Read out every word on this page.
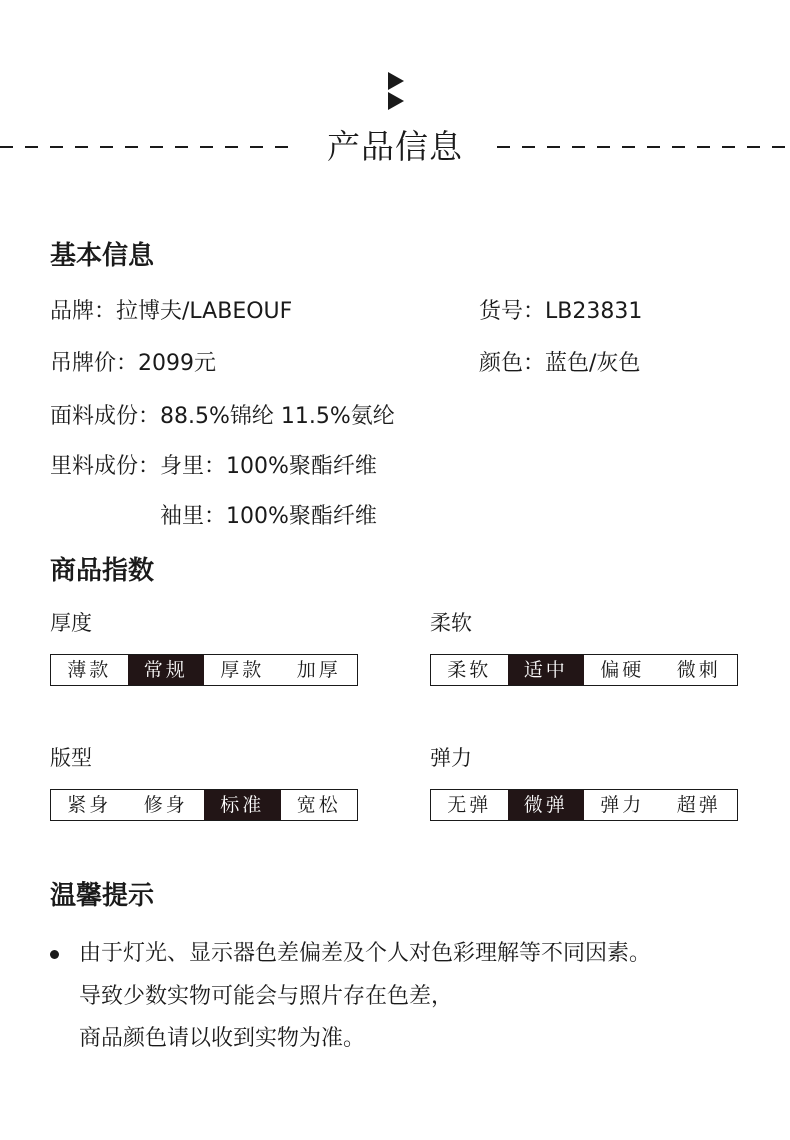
产品信息
基本信息
品牌：拉博夫/LABEOUF	货号：LB23831
吊牌价：2099元	颜色：蓝色/灰色
面料成份：88.5%锦纶 11.5%氨纶
里料成份：身里：100%聚酯纤维
袖里：100%聚酯纤维
商品指数
厚度
薄款	常规	厚款	加厚
柔软
柔软	适中	偏硬	微刺
版型
紧身	修身	标准	宽松
弹力
无弹	微弹	弹力	超弹
温馨提示
由于灯光、显示器色差偏差及个人对色彩理解等不同因素。
导致少数实物可能会与照片存在色差，
商品颜色请以收到实物为准。
